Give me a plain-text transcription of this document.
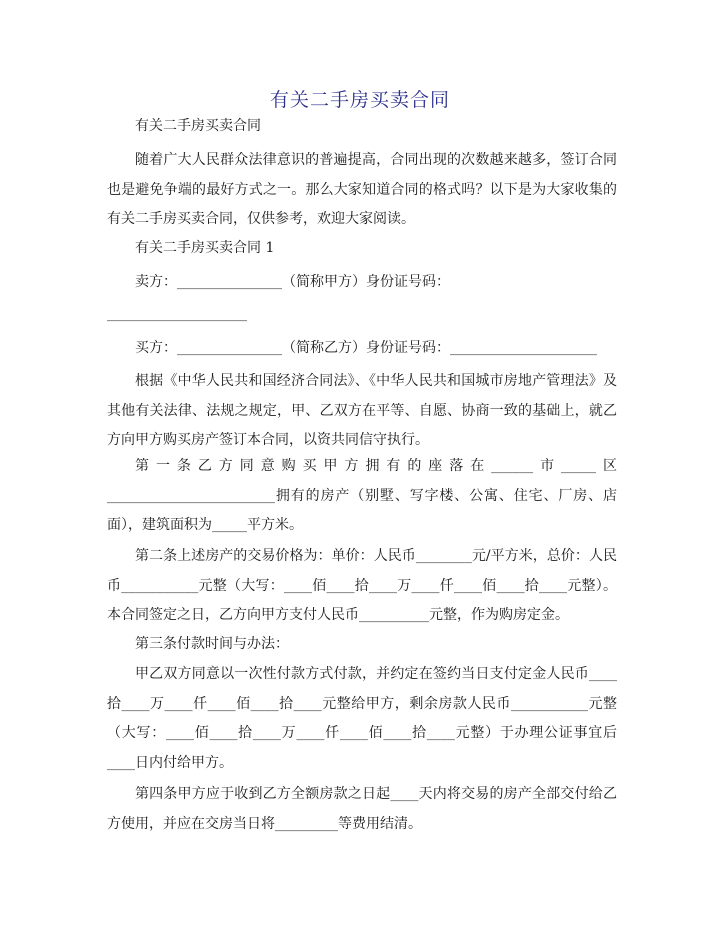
有关二手房买卖合同
有关二手房买卖合同
随着广大人民群众法律意识的普遍提高，合同出现的次数越来越多，签订合同也是避免争端的最好方式之一。那么大家知道合同的格式吗？以下是为大家收集的有关二手房买卖合同，仅供参考，欢迎大家阅读。
有关二手房买卖合同 1
卖方：_______________（简称甲方）身份证号码：
____________________
买方：_______________（简称乙方）身份证号码：_____________________
根据《中华人民共和国经济合同法》、《中华人民共和国城市房地产管理法》及其他有关法律、法规之规定，甲、乙双方在平等、自愿、协商一致的基础上，就乙方向甲方购买房产签订本合同，以资共同信守执行。
第一条乙方同意购买甲方拥有的座落在______市_____区________________________拥有的房产（别墅、写字楼、公寓、住宅、厂房、店面），建筑面积为_____平方米。
第二条上述房产的交易价格为：单价：人民币________元/平方米，总价：人民币___________元整（大写：____佰____拾____万____仟____佰____拾____元整）。本合同签定之日，乙方向甲方支付人民币__________元整，作为购房定金。
第三条付款时间与办法：
甲乙双方同意以一次性付款方式付款，并约定在签约当日支付定金人民币____拾____万____仟____佰____拾____元整给甲方，剩余房款人民币___________元整（大写：____佰____拾____万____仟____佰____拾____元整）于办理公证事宜后____日内付给甲方。
第四条甲方应于收到乙方全额房款之日起____天内将交易的房产全部交付给乙方使用，并应在交房当日将_________等费用结清。
